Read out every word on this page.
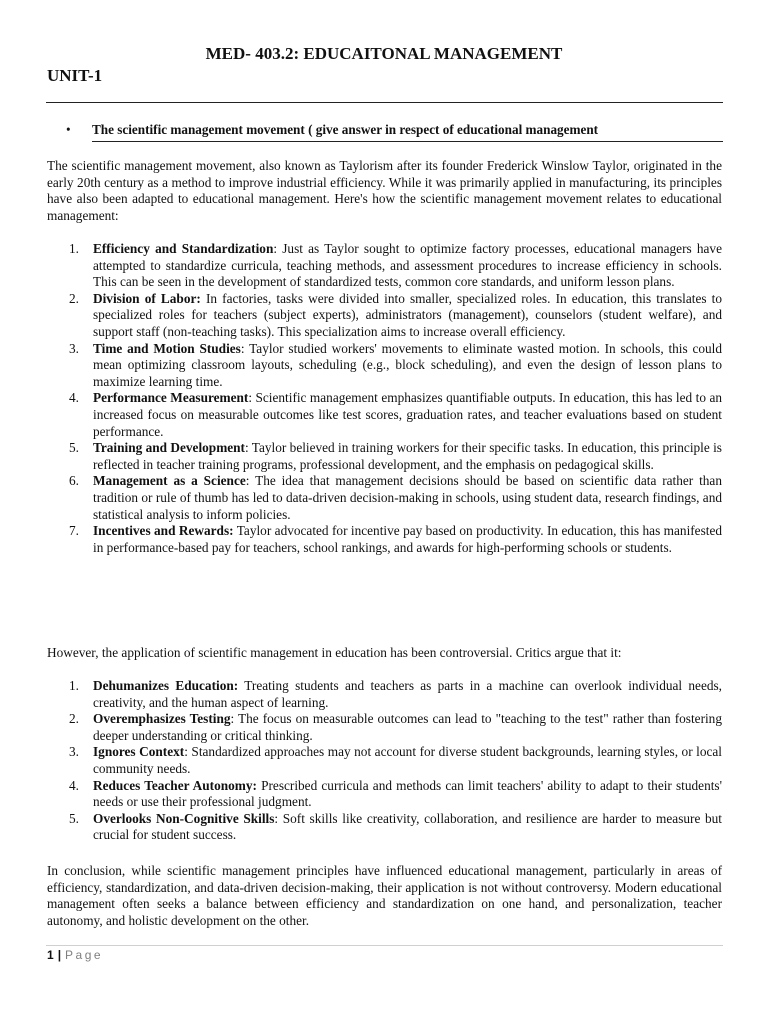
MED- 403.2: EDUCAITONAL MANAGEMENT
UNIT-1
• The scientific management movement ( give answer in respect of educational management
The scientific management movement, also known as Taylorism after its founder Frederick Winslow Taylor, originated in the early 20th century as a method to improve industrial efficiency. While it was primarily applied in manufacturing, its principles have also been adapted to educational management. Here's how the scientific management movement relates to educational management:
1. Efficiency and Standardization: Just as Taylor sought to optimize factory processes, educational managers have attempted to standardize curricula, teaching methods, and assessment procedures to increase efficiency in schools. This can be seen in the development of standardized tests, common core standards, and uniform lesson plans.
2. Division of Labor: In factories, tasks were divided into smaller, specialized roles. In education, this translates to specialized roles for teachers (subject experts), administrators (management), counselors (student welfare), and support staff (non-teaching tasks). This specialization aims to increase overall efficiency.
3. Time and Motion Studies: Taylor studied workers' movements to eliminate wasted motion. In schools, this could mean optimizing classroom layouts, scheduling (e.g., block scheduling), and even the design of lesson plans to maximize learning time.
4. Performance Measurement: Scientific management emphasizes quantifiable outputs. In education, this has led to an increased focus on measurable outcomes like test scores, graduation rates, and teacher evaluations based on student performance.
5. Training and Development: Taylor believed in training workers for their specific tasks. In education, this principle is reflected in teacher training programs, professional development, and the emphasis on pedagogical skills.
6. Management as a Science: The idea that management decisions should be based on scientific data rather than tradition or rule of thumb has led to data-driven decision-making in schools, using student data, research findings, and statistical analysis to inform policies.
7. Incentives and Rewards: Taylor advocated for incentive pay based on productivity. In education, this has manifested in performance-based pay for teachers, school rankings, and awards for high-performing schools or students.
However, the application of scientific management in education has been controversial. Critics argue that it:
1. Dehumanizes Education: Treating students and teachers as parts in a machine can overlook individual needs, creativity, and the human aspect of learning.
2. Overemphasizes Testing: The focus on measurable outcomes can lead to "teaching to the test" rather than fostering deeper understanding or critical thinking.
3. Ignores Context: Standardized approaches may not account for diverse student backgrounds, learning styles, or local community needs.
4. Reduces Teacher Autonomy: Prescribed curricula and methods can limit teachers' ability to adapt to their students' needs or use their professional judgment.
5. Overlooks Non-Cognitive Skills: Soft skills like creativity, collaboration, and resilience are harder to measure but crucial for student success.
In conclusion, while scientific management principles have influenced educational management, particularly in areas of efficiency, standardization, and data-driven decision-making, their application is not without controversy. Modern educational management often seeks a balance between efficiency and standardization on one hand, and personalization, teacher autonomy, and holistic development on the other.
1 | Page
